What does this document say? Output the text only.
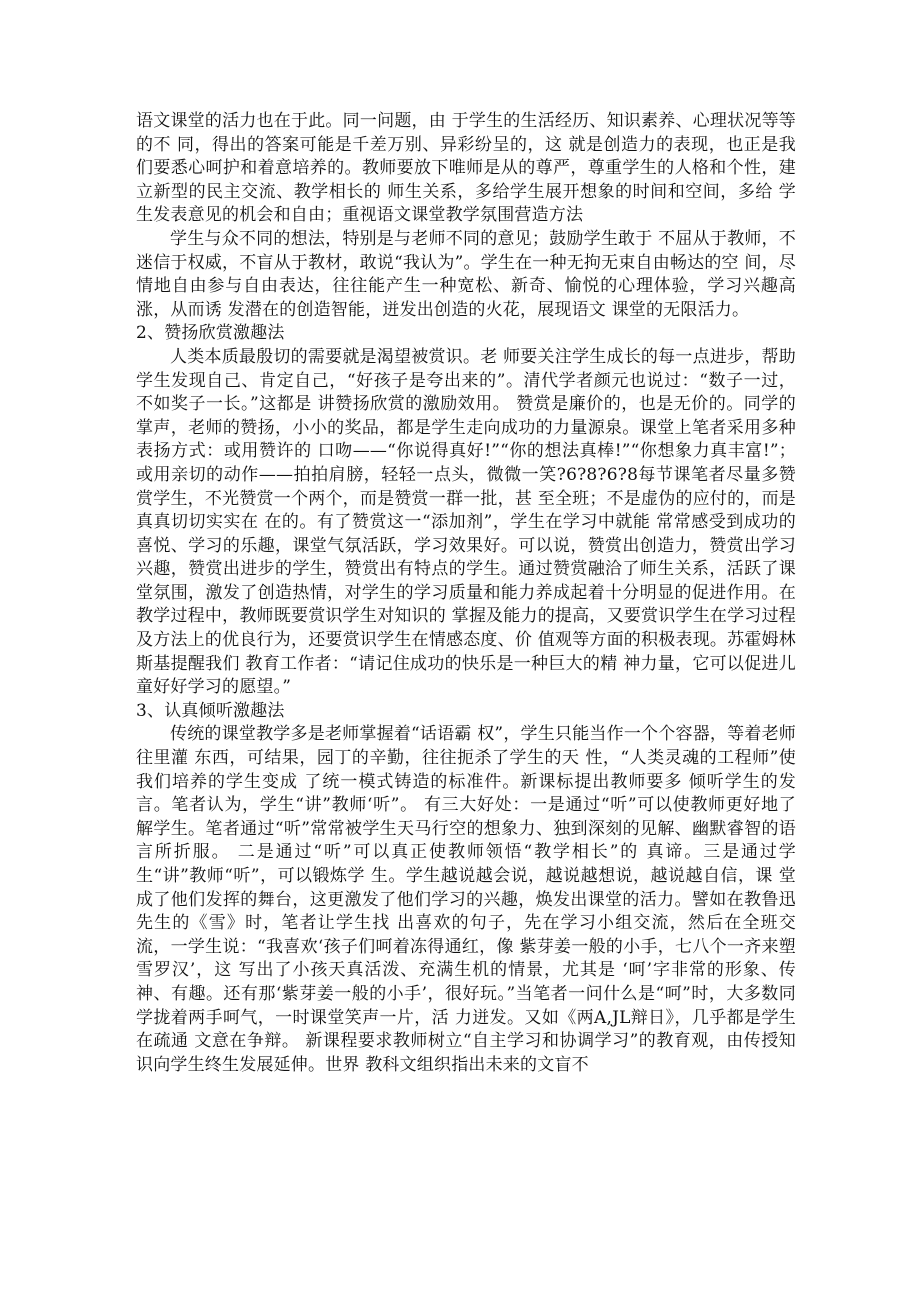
语文课堂的活力也在于此。同一问题，由 于学生的生活经历、知识素养、心理状况等等的不 同，得出的答案可能是千差万别、异彩纷呈的，这 就是创造力的表现，也正是我们要悉心呵护和着意培养的。教师要放下唯师是从的尊严，尊重学生的人格和个性，建立新型的民主交流、教学相长的 师生关系，多给学生展开想象的时间和空间，多给 学生发表意见的机会和自由；重视语文课堂教学氛围营造方法

学生与众不同的想法，特别是与老师不同的意见；鼓励学生敢于 不屈从于教师，不迷信于权威，不盲从于教材，敢说“我认为”。学生在一种无拘无束自由畅达的空 间，尽情地自由参与自由表达，往往能产生一种宽松、新奇、愉悦的心理体验，学习兴趣高涨，从而诱 发潜在的创造智能，迸发出创造的火花，展现语文 课堂的无限活力。

2、赞扬欣赏激趣法

人类本质最殷切的需要就是渴望被赏识。老 师要关注学生成长的每一点进步，帮助学生发现自己、肯定自己，“好孩子是夸出来的”。清代学者颜元也说过：“数子一过，不如奖子一长。”这都是 讲赞扬欣赏的激励效用。 赞赏是廉价的，也是无价的。同学的掌声，老师的赞扬，小小的奖品，都是学生走向成功的力量源泉。课堂上笔者采用多种表扬方式：或用赞许的 口吻——“你说得真好!”“你的想法真棒!”“你想象力真丰富!”；或用亲切的动作——拍拍肩膀，轻轻一点头，微微一笑?6?8?6?8每节课笔者尽量多赞赏学生，不光赞赏一个两个，而是赞赏一群一批，甚 至全班；不是虚伪的应付的，而是真真切切实实在 在的。有了赞赏这一“添加剂”，学生在学习中就能 常常感受到成功的喜悦、学习的乐趣，课堂气氛活跃，学习效果好。可以说，赞赏出创造力，赞赏出学习兴趣，赞赏出进步的学生，赞赏出有特点的学生。通过赞赏融洽了师生关系，活跃了课堂氛围，激发了创造热情，对学生的学习质量和能力养成起着十分明显的促进作用。在教学过程中，教师既要赏识学生对知识的 掌握及能力的提高，又要赏识学生在学习过程及方法上的优良行为，还要赏识学生在情感态度、价 值观等方面的积极表现。苏霍姆林斯基提醒我们 教育工作者：“请记住成功的快乐是一种巨大的精 神力量，它可以促进儿童好好学习的愿望。”

3、认真倾听激趣法

传统的课堂教学多是老师掌握着“话语霸 权”，学生只能当作一个个容器，等着老师往里灌 东西，可结果，园丁的辛勤，往往扼杀了学生的天 性，“人类灵魂的工程师”使我们培养的学生变成 了统一模式铸造的标准件。新课标提出教师要多 倾听学生的发言。笔者认为，学生“讲”教师‘听”。 有三大好处：一是通过“听”可以使教师更好地了 解学生。笔者通过“听”常常被学生天马行空的想象力、独到深刻的见解、幽默睿智的语言所折服。 二是通过“听”可以真正使教师领悟“教学相长”的 真谛。三是通过学生“讲”教师“听”，可以锻炼学 生。学生越说越会说，越说越想说，越说越自信，课 堂成了他们发挥的舞台，这更激发了他们学习的兴趣，焕发出课堂的活力。譬如在教鲁迅先生的《雪》时，笔者让学生找 出喜欢的句子，先在学习小组交流，然后在全班交 流，一学生说：“我喜欢‘孩子们呵着冻得通红，像 紫芽姜一般的小手，七八个一齐来塑雪罗汉’，这 写出了小孩天真活泼、充满生机的情景，尤其是 ‘呵’字非常的形象、传神、有趣。还有那‘紫芽姜一般的小手’，很好玩。”当笔者一问什么是“呵”时，大多数同学拢着两手呵气，一时课堂笑声一片，活 力迸发。又如《两A,JL辩日》，几乎都是学生在疏通 文意在争辩。 新课程要求教师树立“自主学习和协调学习”的教育观，由传授知识向学生终生发展延伸。世界 教科文组织指出未来的文盲不
